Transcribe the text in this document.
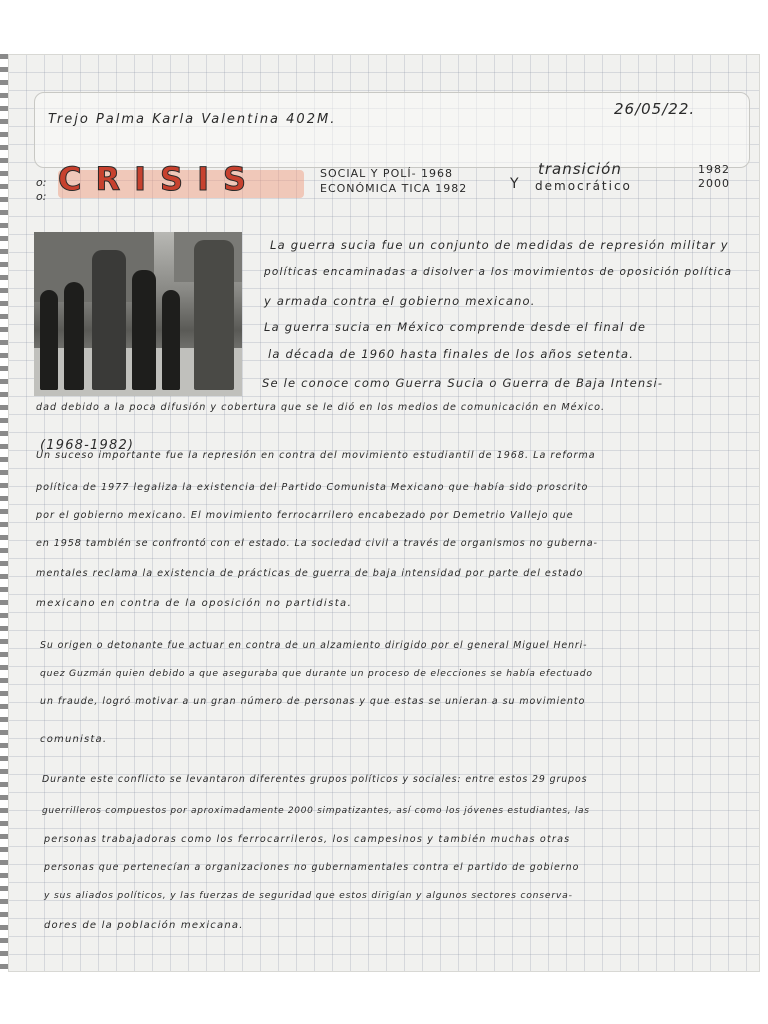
Trejo Palma Karla Valentina 402M.
26/05/22.
o:
o: CRISIS	SOCIAL Y POLÍ- 1968
ECONÓMICA TICA 1982	Y
transición
democrático
1982
2000
La guerra sucia fue un conjunto de medidas de represión militar y
políticas encaminadas a disolver a los movimientos de oposición política
y armada contra el gobierno mexicano.
La guerra sucia en México comprende desde el final de
la década de 1960 hasta finales de los años setenta.
Se le conoce como Guerra Sucia o Guerra de Baja Intensi-
dad debido a la poca difusión y cobertura que se le dió en los medios de comunicación en México.
(1968-1982)
Un suceso importante fue la represión en contra del movimiento estudiantil de 1968. La reforma
política de 1977 legaliza la existencia del Partido Comunista Mexicano que había sido proscrito
por el gobierno mexicano. El movimiento ferrocarrilero encabezado por Demetrio Vallejo que
en 1958 también se confrontó con el estado. La sociedad civil a través de organismos no guberna-
mentales reclama la existencia de prácticas de guerra de baja intensidad por parte del estado
mexicano en contra de la oposición no partidista.
Su origen o detonante fue actuar en contra de un alzamiento dirigido por el general Miguel Henri-
quez Guzmán quien debido a que aseguraba que durante un proceso de elecciones se había efectuado
un fraude, logró motivar a un gran número de personas y que estas se unieran a su movimiento
comunista.
Durante este conflicto se levantaron diferentes grupos políticos y sociales: entre estos 29 grupos
guerrilleros compuestos por aproximadamente 2000 simpatizantes, así como los jóvenes estudiantes, las
personas trabajadoras como los ferrocarrileros, los campesinos y también muchas otras
personas que pertenecían a organizaciones no gubernamentales contra el partido de gobierno
y sus aliados políticos, y las fuerzas de seguridad que estos dirigían y algunos sectores conserva-
dores de la población mexicana.
